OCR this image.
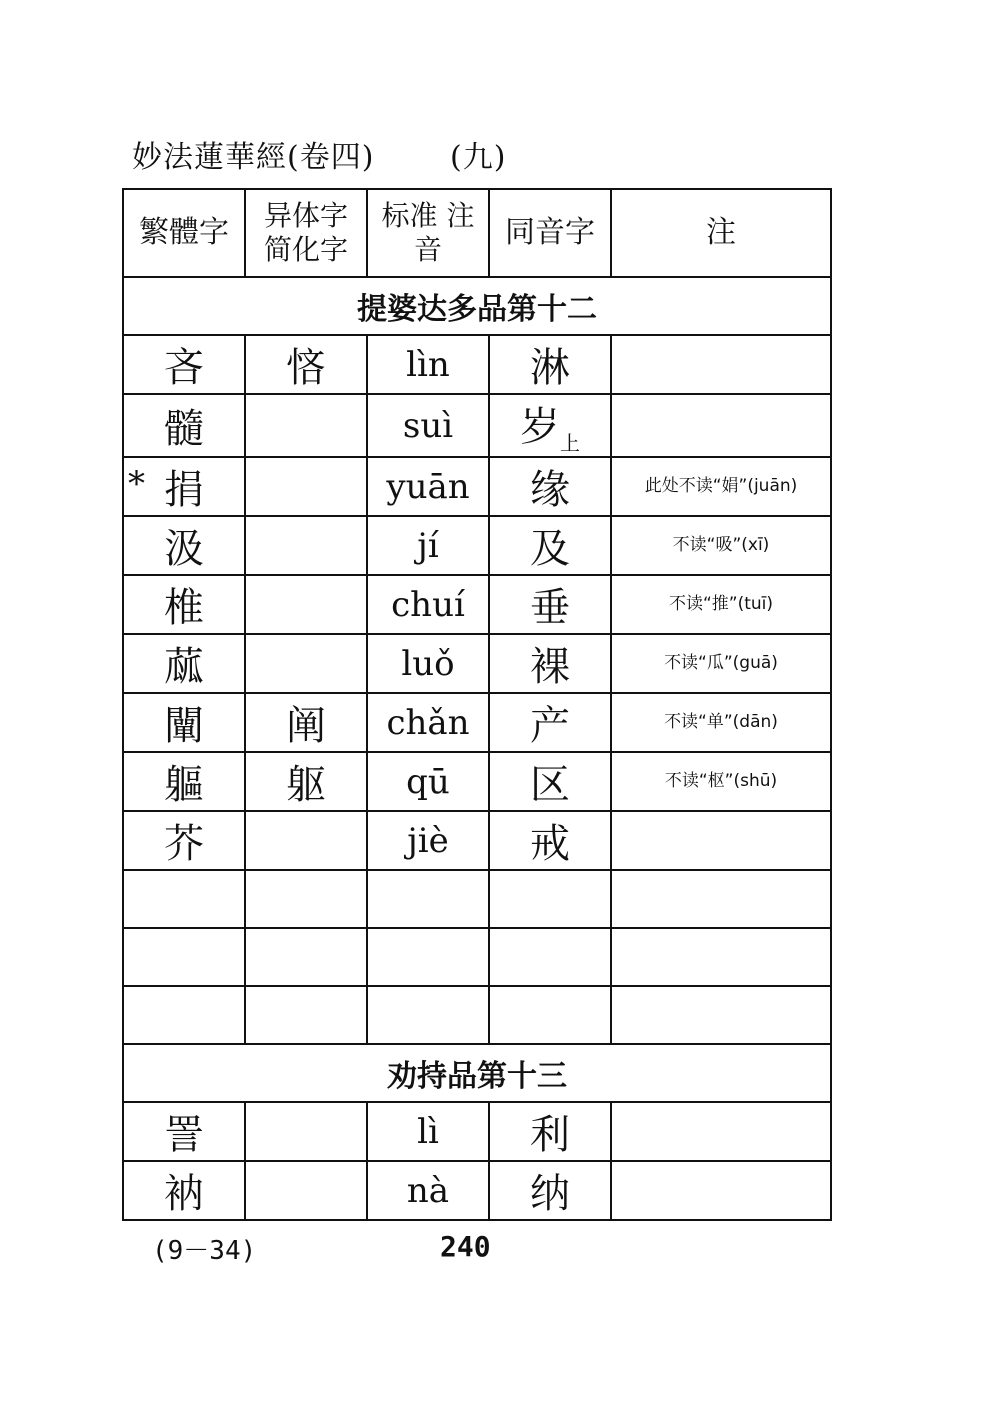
妙法蓮華經(卷四)	(九)
繁體字	异体字 简化字	标准 注音	同音字	注
提婆达多品第十二				
吝	悋	lìn	淋	
髓		suì	岁$_上$	

* 捐		yuān	缘	此处不读“娟”(juān)
汲		jí	及	不读“吸”(xī)
椎		chuí	垂	不读“推”(tuī)
蓏		luǒ	裸	不读“瓜”(guā)
闡	阐	chǎn	产	不读“单”(dān)
軀	躯	qū	区	不读“枢”(shū)
芥		jiè	戒	

劝持品第十三				
詈		lì	利	
衲		nà	纳	
(9－34)	240
